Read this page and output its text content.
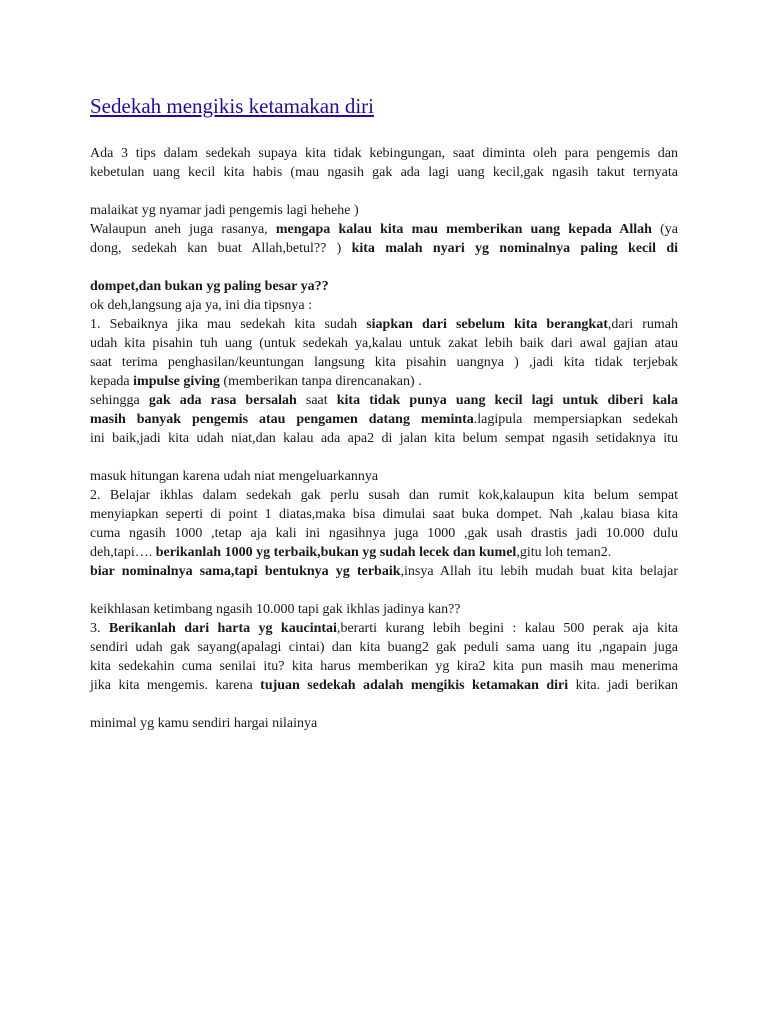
Sedekah mengikis ketamakan diri
Ada 3 tips dalam sedekah supaya kita tidak kebingungan, saat diminta oleh para pengemis dan
kebetulan uang kecil kita habis (mau ngasih gak ada lagi uang kecil,gak ngasih takut ternyata
malaikat yg nyamar jadi pengemis lagi hehehe )
Walaupun aneh juga rasanya, mengapa kalau kita mau memberikan uang kepada Allah (ya
dong, sedekah kan buat Allah,betul?? ) kita malah nyari yg nominalnya paling kecil di
dompet,dan bukan yg paling besar ya??
ok deh,langsung aja ya, ini dia tipsnya :
1. Sebaiknya jika mau sedekah kita sudah siapkan dari sebelum kita berangkat,dari rumah
udah kita pisahin tuh uang (untuk sedekah ya,kalau untuk zakat lebih baik dari awal gajian atau
saat terima penghasilan/keuntungan langsung kita pisahin uangnya ) ,jadi kita tidak terjebak
kepada impulse giving (memberikan tanpa direncanakan) .
sehingga gak ada rasa bersalah saat kita tidak punya uang kecil lagi untuk diberi kala
masih banyak pengemis atau pengamen datang meminta.lagipula mempersiapkan sedekah
ini baik,jadi kita udah niat,dan kalau ada apa2 di jalan kita belum sempat ngasih setidaknya itu
masuk hitungan karena udah niat mengeluarkannya
2. Belajar ikhlas dalam sedekah gak perlu susah dan rumit kok,kalaupun kita belum sempat
menyiapkan seperti di point 1 diatas,maka bisa dimulai saat buka dompet. Nah ,kalau biasa kita
cuma ngasih 1000 ,tetap aja kali ini ngasihnya juga 1000 ,gak usah drastis jadi 10.000 dulu
deh,tapi…. berikanlah 1000 yg terbaik,bukan yg sudah lecek dan kumel,gitu loh teman2.
biar nominalnya sama,tapi bentuknya yg terbaik,insya Allah itu lebih mudah buat kita belajar
keikhlasan ketimbang ngasih 10.000 tapi gak ikhlas jadinya kan??
3. Berikanlah dari harta yg kaucintai,berarti kurang lebih begini : kalau 500 perak aja kita
sendiri udah gak sayang(apalagi cintai) dan kita buang2 gak peduli sama uang itu ,ngapain juga
kita sedekahin cuma senilai itu? kita harus memberikan yg kira2 kita pun masih mau menerima
jika kita mengemis. karena tujuan sedekah adalah mengikis ketamakan diri kita. jadi berikan
minimal yg kamu sendiri hargai nilainya
